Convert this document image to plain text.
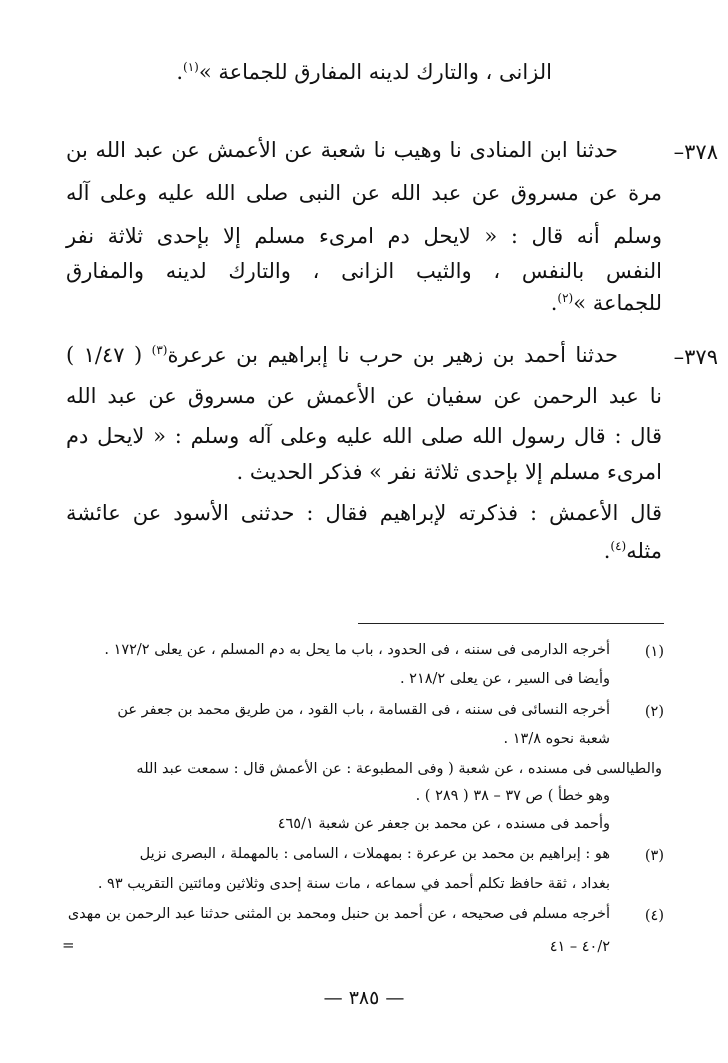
الزانى ، والتارك لدينه المفارق للجماعة »$^{(١)}$.
٣٧٨–
حدثنا ابن المنادى نا وهيب نا شعبة عن الأعمش عن عبد الله بن
مرة عن مسروق عن عبد الله عن النبى صلى الله عليه وعلى آله
وسلم أنه قال : « لايحل دم امرىء مسلم إلا بإحدى ثلاثة نفر
النفس بالنفس ، والثيب الزانى ، والتارك لدينه والمفارق
للجماعة »$^{(٢)}$.
٣٧٩–
حدثنا أحمد بن زهير بن حرب نا إبراهيم بن عرعرة$^{(٣)}$ ( ١/٤٧ )
نا عبد الرحمن عن سفيان عن الأعمش عن مسروق عن عبد الله
قال : قال رسول الله صلى الله عليه وعلى آله وسلم : « لايحل دم
امرىء مسلم إلا بإحدى ثلاثة نفر » فذكر الحديث .
قال الأعمش : فذكرته لإبراهيم فقال : حدثنى الأسود عن عائشة
مثله$^{(٤)}$.
(١)
أخرجه الدارمى فى سننه ، فى الحدود ، باب ما يحل به دم المسلم ، عن يعلى ١٧٢/٢ .
وأيضا فى السير ، عن يعلى ٢١٨/٢ .
(٢)
أخرجه النسائى فى سننه ، فى القسامة ، باب القود ، من طريق محمد بن جعفر عن
شعبة نحوه ١٣/٨ .
والطيالسى فى مسنده ، عن شعبة ( وفى المطبوعة : عن الأعمش قال : سمعت عبد الله
وهو خطأ ) ص ٣٧ – ٣٨ ( ٢٨٩ ) .
وأحمد فى مسنده ، عن محمد بن جعفر عن شعبة ٤٦٥/١
(٣)
هو : إبراهيم بن محمد بن عرعرة : بمهملات ، السامى : بالمهملة ، البصرى نزيل
بغداد ، ثقة حافظ تكلم أحمد في سماعه ، مات سنة إحدى وثلاثين ومائتين التقريب ٩٣ .
(٤)
أخرجه مسلم فى صحيحه ، عن أحمد بن حنبل ومحمد بن المثنى حدثنا عبد الرحمن بن مهدى
٤٠/٢ – ٤١
=
— ٣٨٥ —
